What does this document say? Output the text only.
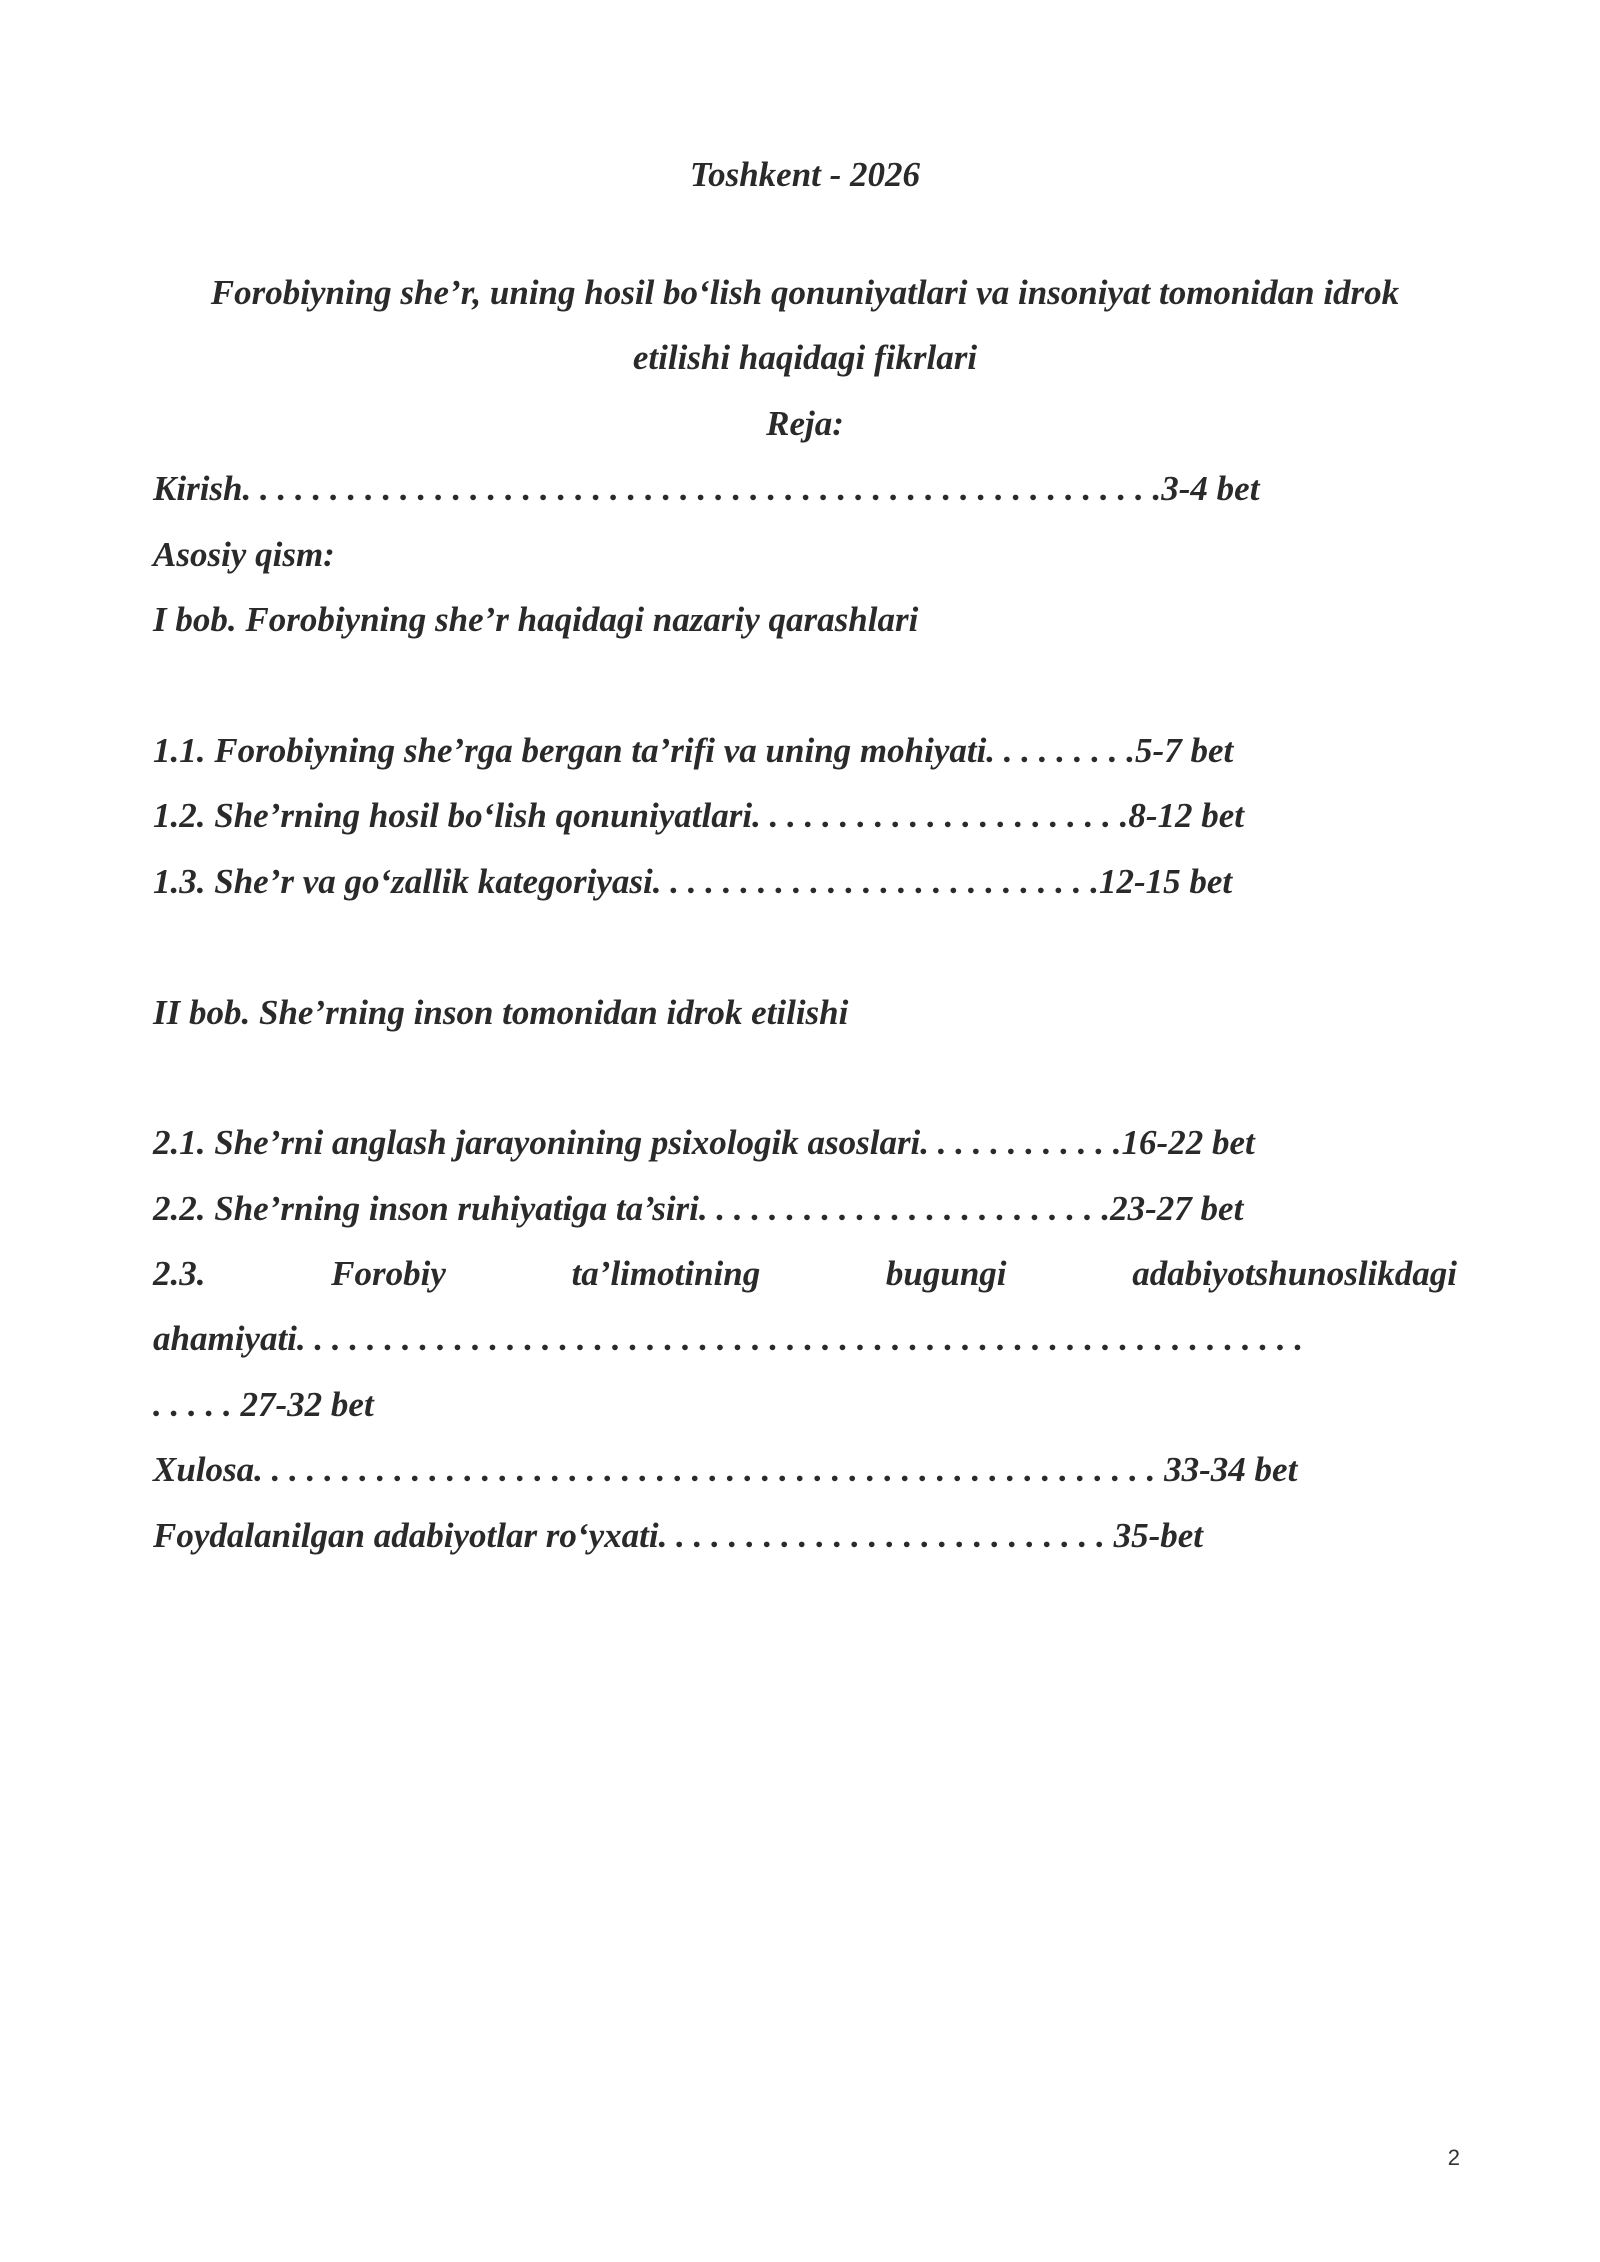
Toshkent - 2026
Forobiyning she’r, uning hosil bo‘lish qonuniyatlari va insoniyat tomonidan idrok
etilishi haqidagi fikrlari
Reja:
Kirish. . . . . . . . . . . . . . . . . . . . . . . . . . . . . . . . . . . . . . . . . . . . . . . . . . . . .3-4 bet
Asosiy qism:
I bob. Forobiyning she’r haqidagi nazariy qarashlari
1.1. Forobiyning she’rga bergan ta’rifi va uning mohiyati. . . . . . . . .5-7 bet
1.2. She’rning hosil bo‘lish qonuniyatlari. . . . . . . . . . . . . . . . . . . . . .8-12 bet
1.3. She’r va go‘zallik kategoriyasi. . . . . . . . . . . . . . . . . . . . . . . . . .12-15 bet
II bob. She’rning inson tomonidan idrok etilishi
2.1. She’rni anglash jarayonining psixologik asoslari. . . . . . . . . . . .16-22 bet
2.2. She’rning inson ruhiyatiga ta’siri. . . . . . . . . . . . . . . . . . . . . . . .23-27 bet
2.3.	Forobiy	ta’limotining	bugungi	adabiyotshunoslikdagi
ahamiyati. . . . . . . . . . . . . . . . . . . . . . . . . . . . . . . . . . . . . . . . . . . . . . . . . . . . . . . . . .
. . . . . 27-32 bet
Xulosa. . . . . . . . . . . . . . . . . . . . . . . . . . . . . . . . . . . . . . . . . . . . . . . . . . . . 33-34 bet
Foydalanilgan adabiyotlar ro‘yxati. . . . . . . . . . . . . . . . . . . . . . . . . . 35-bet
2
